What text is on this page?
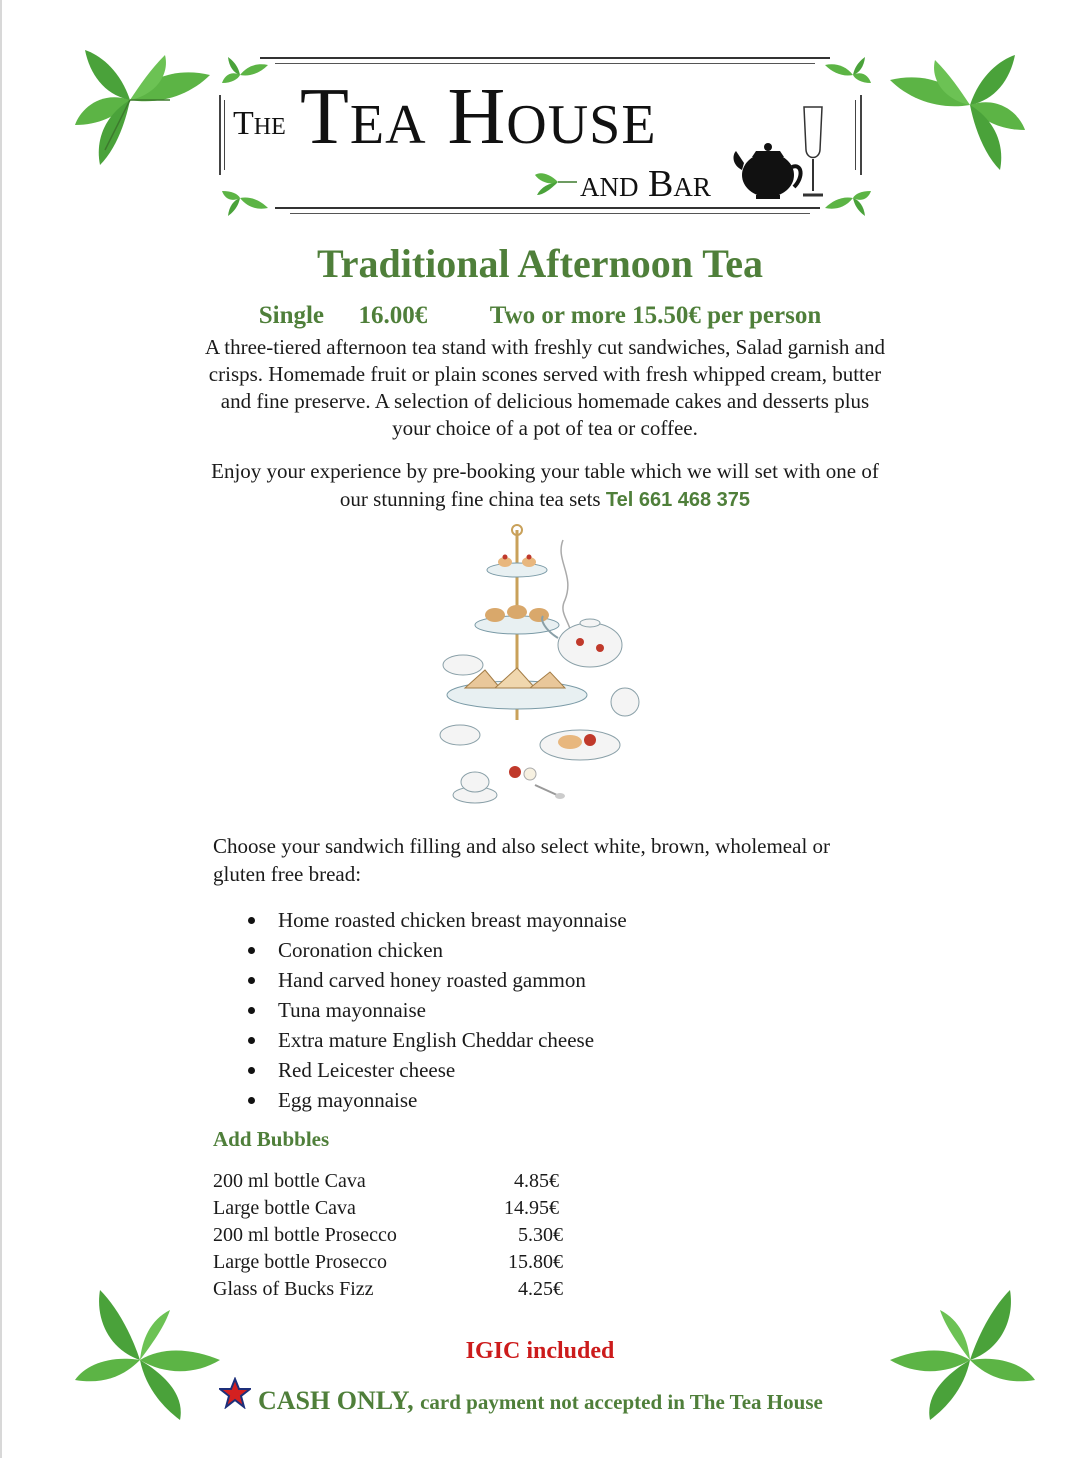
The Tea House
and Bar
Traditional Afternoon Tea
Single 16.00€	Two or more 15.50€ per person
A three-tiered afternoon tea stand with freshly cut sandwiches, Salad garnish and crisps. Homemade fruit or plain scones served with fresh whipped cream, butter and fine preserve. A selection of delicious homemade cakes and desserts plus your choice of a pot of tea or coffee.
Enjoy your experience by pre-booking your table which we will set with one of our stunning fine china tea sets Tel 661 468 375
Choose your sandwich filling and also select white, brown, wholemeal or gluten free bread:
Home roasted chicken breast mayonnaise
Coronation chicken
Hand carved honey roasted gammon
Tuna mayonnaise
Extra mature English Cheddar cheese
Red Leicester cheese
Egg mayonnaise
Add Bubbles
200 ml bottle Cava	4.85€
Large bottle Cava	14.95€
200 ml bottle Prosecco	5.30€
Large bottle Prosecco	15.80€
Glass of Bucks Fizz	4.25€
IGIC included
CASH ONLY, card payment not accepted in The Tea House
